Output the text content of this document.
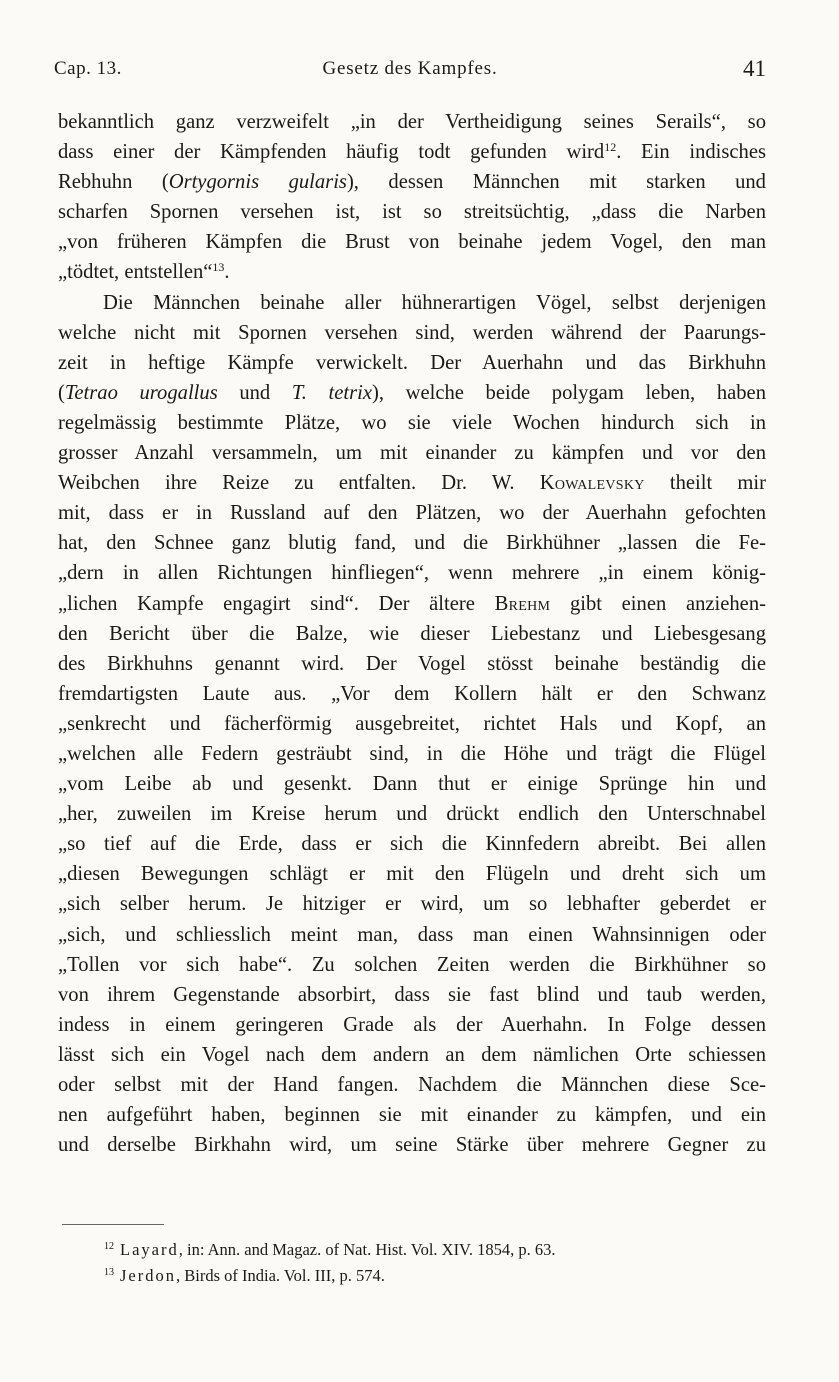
Cap. 13.	Gesetz des Kampfes.	41
bekanntlich ganz verzweifelt „in der Vertheidigung seines Serails“, so
dass einer der Kämpfenden häufig todt gefunden wird$^{12}$. Ein indisches
Rebhuhn (Ortygornis gularis), dessen Männchen mit starken und
scharfen Spornen versehen ist, ist so streitsüchtig, „dass die Narben
„von früheren Kämpfen die Brust von beinahe jedem Vogel, den man
„tödtet, entstellen“$^{13}$.
Die Männchen beinahe aller hühnerartigen Vögel, selbst derjenigen
welche nicht mit Spornen versehen sind, werden während der Paarungs-
zeit in heftige Kämpfe verwickelt. Der Auerhahn und das Birkhuhn
(Tetrao urogallus und T. tetrix), welche beide polygam leben, haben
regelmässig bestimmte Plätze, wo sie viele Wochen hindurch sich in
grosser Anzahl versammeln, um mit einander zu kämpfen und vor den
Weibchen ihre Reize zu entfalten. Dr. W. Kowalevsky theilt mir
mit, dass er in Russland auf den Plätzen, wo der Auerhahn gefochten
hat, den Schnee ganz blutig fand, und die Birkhühner „lassen die Fe-
„dern in allen Richtungen hinfliegen“, wenn mehrere „in einem könig-
„lichen Kampfe engagirt sind“. Der ältere Brehm gibt einen anziehen-
den Bericht über die Balze, wie dieser Liebestanz und Liebesgesang
des Birkhuhns genannt wird. Der Vogel stösst beinahe beständig die
fremdartigsten Laute aus. „Vor dem Kollern hält er den Schwanz
„senkrecht und fächerförmig ausgebreitet, richtet Hals und Kopf, an
„welchen alle Federn gesträubt sind, in die Höhe und trägt die Flügel
„vom Leibe ab und gesenkt. Dann thut er einige Sprünge hin und
„her, zuweilen im Kreise herum und drückt endlich den Unterschnabel
„so tief auf die Erde, dass er sich die Kinnfedern abreibt. Bei allen
„diesen Bewegungen schlägt er mit den Flügeln und dreht sich um
„sich selber herum. Je hitziger er wird, um so lebhafter geberdet er
„sich, und schliesslich meint man, dass man einen Wahnsinnigen oder
„Tollen vor sich habe“. Zu solchen Zeiten werden die Birkhühner so
von ihrem Gegenstande absorbirt, dass sie fast blind und taub werden,
indess in einem geringeren Grade als der Auerhahn. In Folge dessen
lässt sich ein Vogel nach dem andern an dem nämlichen Orte schiessen
oder selbst mit der Hand fangen. Nachdem die Männchen diese Sce-
nen aufgeführt haben, beginnen sie mit einander zu kämpfen, und ein
und derselbe Birkhahn wird, um seine Stärke über mehrere Gegner zu
$^{12}$ Layard, in: Ann. and Magaz. of Nat. Hist. Vol. XIV. 1854, p. 63.
$^{13}$ Jerdon, Birds of India. Vol. III, p. 574.
